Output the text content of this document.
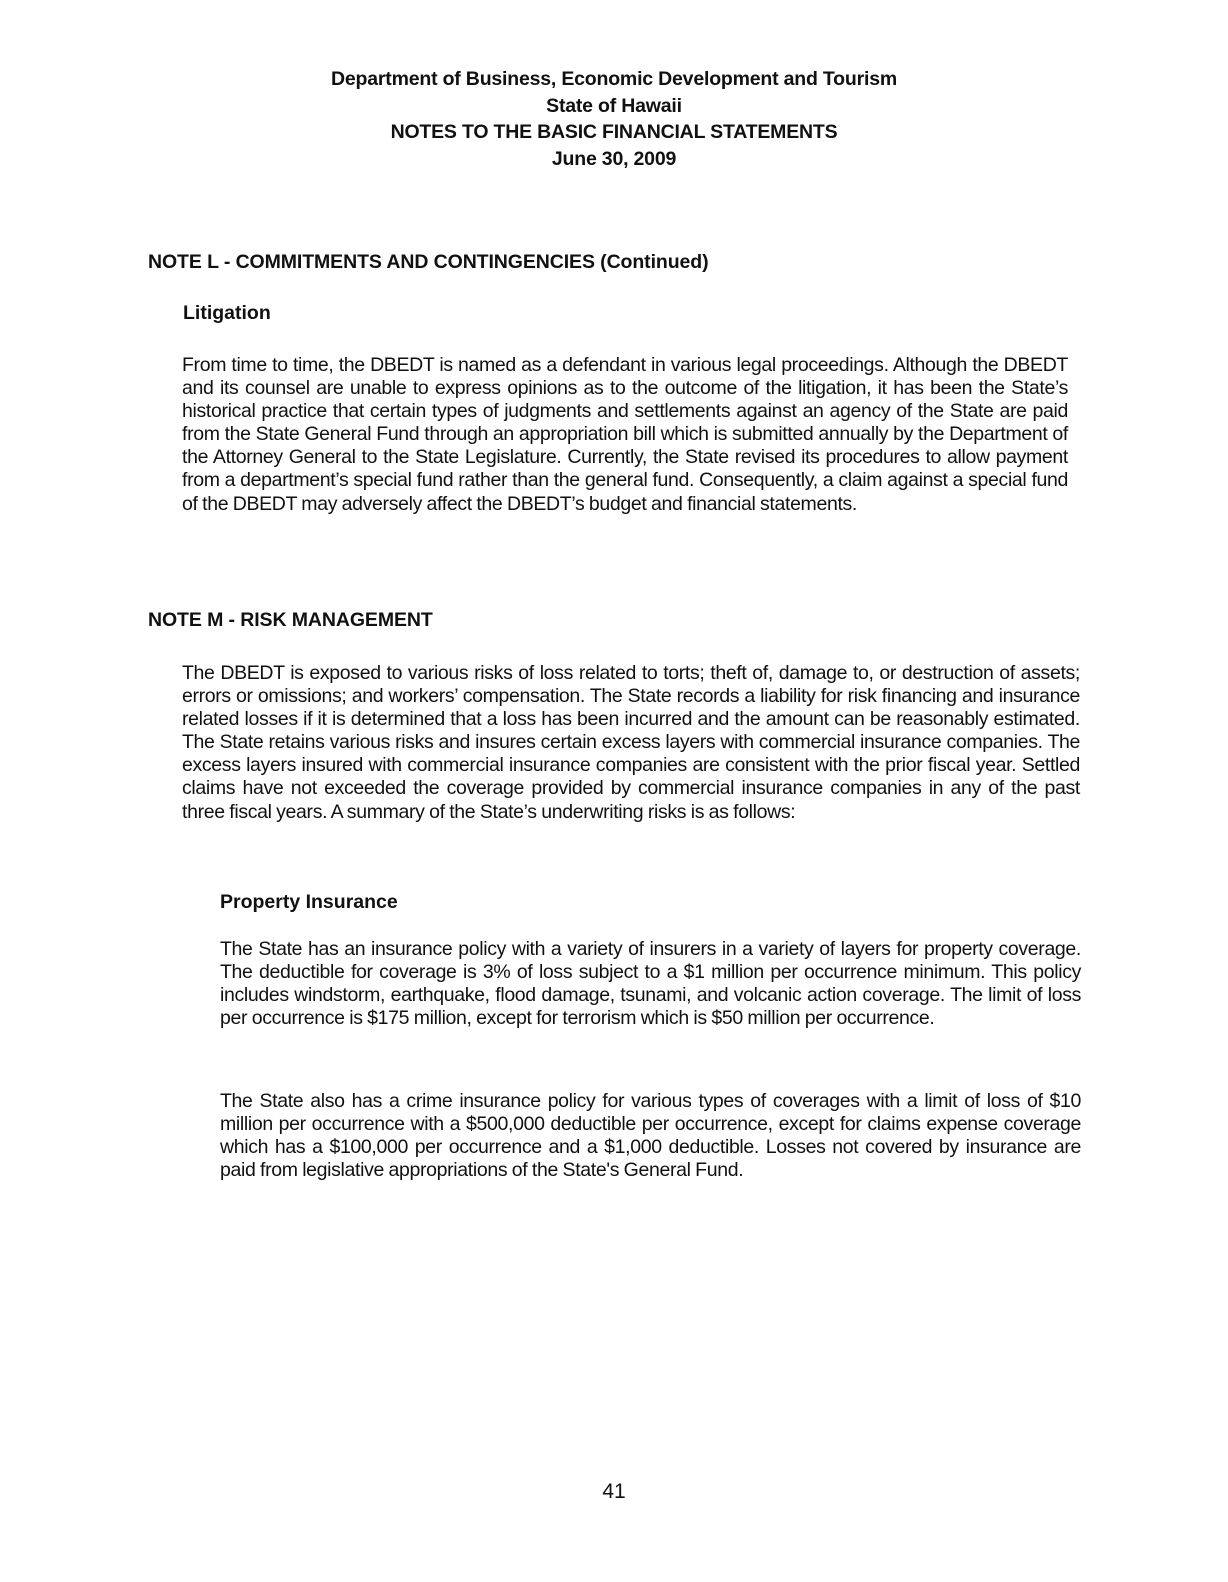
Department of Business, Economic Development and Tourism
State of Hawaii
NOTES TO THE BASIC FINANCIAL STATEMENTS
June 30, 2009
NOTE L - COMMITMENTS AND CONTINGENCIES (Continued)
Litigation

From time to time, the DBEDT is named as a defendant in various legal proceedings. Although the DBEDT and its counsel are unable to express opinions as to the outcome of the litigation, it has been the State’s historical practice that certain types of judgments and settlements against an agency of the State are paid from the State General Fund through an appropriation bill which is submitted annually by the Department of the Attorney General to the State Legislature. Currently, the State revised its procedures to allow payment from a department’s special fund rather than the general fund. Consequently, a claim against a special fund of the DBEDT may adversely affect the DBEDT’s budget and financial statements.

NOTE M - RISK MANAGEMENT

The DBEDT is exposed to various risks of loss related to torts; theft of, damage to, or destruction of assets; errors or omissions; and workers’ compensation. The State records a liability for risk financing and insurance related losses if it is determined that a loss has been incurred and the amount can be reasonably estimated. The State retains various risks and insures certain excess layers with commercial insurance companies. The excess layers insured with commercial insurance companies are consistent with the prior fiscal year. Settled claims have not exceeded the coverage provided by commercial insurance companies in any of the past three fiscal years. A summary of the State’s underwriting risks is as follows:

Property Insurance

The State has an insurance policy with a variety of insurers in a variety of layers for property coverage. The deductible for coverage is 3% of loss subject to a $1 million per occurrence minimum. This policy includes windstorm, earthquake, flood damage, tsunami, and volcanic action coverage. The limit of loss per occurrence is $175 million, except for terrorism which is $50 million per occurrence.

The State also has a crime insurance policy for various types of coverages with a limit of loss of $10 million per occurrence with a $500,000 deductible per occurrence, except for claims expense coverage which has a $100,000 per occurrence and a $1,000 deductible. Losses not covered by insurance are paid from legislative appropriations of the State's General Fund.

41
